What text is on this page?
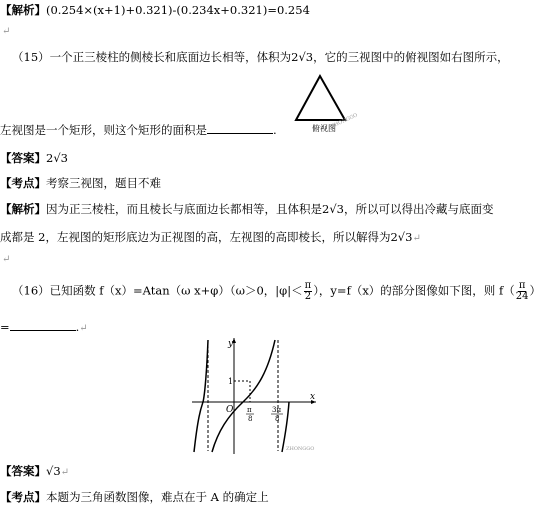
【解析】(0.254×(x+1)+0.321)-(0.234x+0.321)=0.254
↵
（15）一个正三棱柱的侧棱长和底面边长相等，体积为2√3，它的三视图中的俯视图如右图所示，
俯视图
ZHONGGO
左视图是一个矩形，则这个矩形的面积是	.
【答案】2√3
【考点】考察三视图，题目不难
【解析】因为正三棱柱，而且棱长与底面边长都相等，且体积是2√3，所以可以得出冷藏与底面变
成都是 2，左视图的矩形底边为正视图的高，左视图的高即棱长，所以解得为2√3↵
↵
（16）已知函数 f（x）=Atan（ω x+φ）（ω＞0，$|\varphi|< \frac{\pi}{2}$ ），y=f（x）的部分图像如下图，则 $f( \frac{\pi}{24}$ ）
=	.↵
y
x
O
1
π
8
3π
8
ZHONGGO
【答案】√3↵
【考点】本题为三角函数图像，难点在于 A 的确定上
